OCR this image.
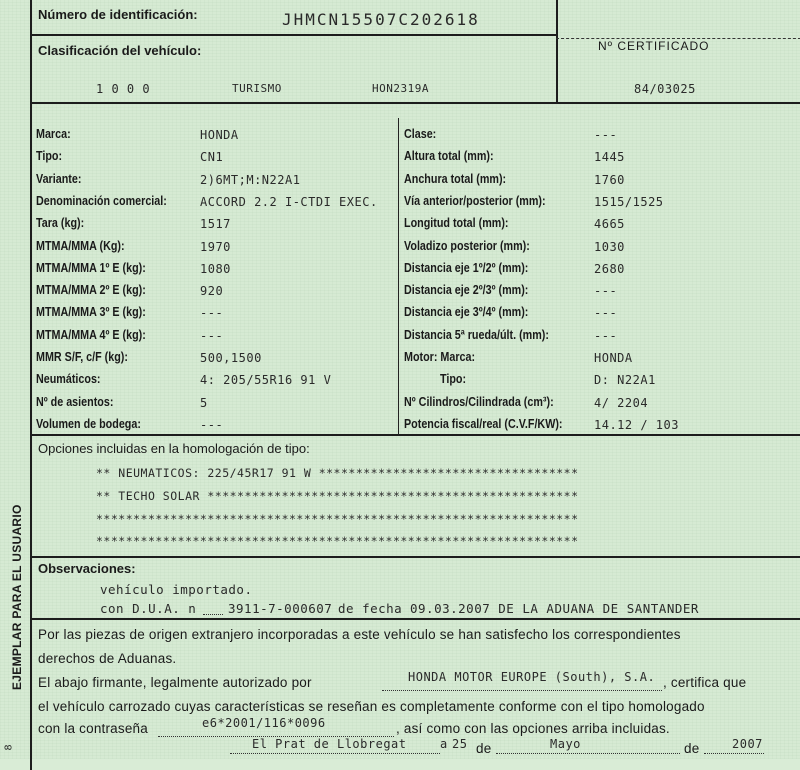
Número de identificación:	JHMCN15507C202618
Clasificación del vehículo:
1 0 0 0	TURISMO	HON2319A
Nº CERTIFICADO
84/03025
Marca:	HONDA
Tipo:	CN1
Variante:	2)6MT;M:N22A1
Denominación comercial:	ACCORD 2.2 I-CTDI EXEC.
Tara (kg):	1517
MTMA/MMA (Kg):	1970
MTMA/MMA 1º E (kg):	1080
MTMA/MMA 2º E (kg):	920
MTMA/MMA 3º E (kg):	---
MTMA/MMA 4º E (kg):	---
MMR S/F, c/F (kg):	500,1500
Neumáticos:	4: 205/55R16 91 V
Nº de asientos:	5
Volumen de bodega:	---
Clase:	---
Altura total (mm):	1445
Anchura total (mm):	1760
Vía anterior/posterior (mm):	1515/1525
Longitud total (mm):	4665
Voladizo posterior (mm):	1030
Distancia eje 1º/2º (mm):	2680
Distancia eje 2º/3º (mm):	---
Distancia eje 3º/4º (mm):	---
Distancia 5ª rueda/últ. (mm):	---
Motor: Marca:	HONDA
Tipo:	D: N22A1
Nº Cilindros/Cilindrada (cm³):	4/ 2204
Potencia fiscal/real (C.V.F/KW):	14.12 / 103
Opciones incluidas en la homologación de tipo:
** NEUMATICOS: 225/45R17 91 W ***********************************
** TECHO SOLAR **************************************************
*****************************************************************
*****************************************************************
Observaciones:
vehículo importado.
con D.U.A. n	3911-7-000607 de fecha 09.03.2007 DE LA ADUANA DE SANTANDER
Por las piezas de origen extranjero incorporadas a este vehículo se han satisfecho los correspondientes
derechos de Aduanas.
El abajo firmante, legalmente autorizado por	HONDA MOTOR EUROPE (South), S.A. , certifica que
el vehículo carrozado cuyas características se reseñan es completamente conforme con el tipo homologado
con la contraseña	e6*2001/116*0096	, así como con las opciones arriba incluidas.
El Prat de Llobregat	a 25 de	Mayo	de	2007
EJEMPLAR PARA EL USUARIO
8
